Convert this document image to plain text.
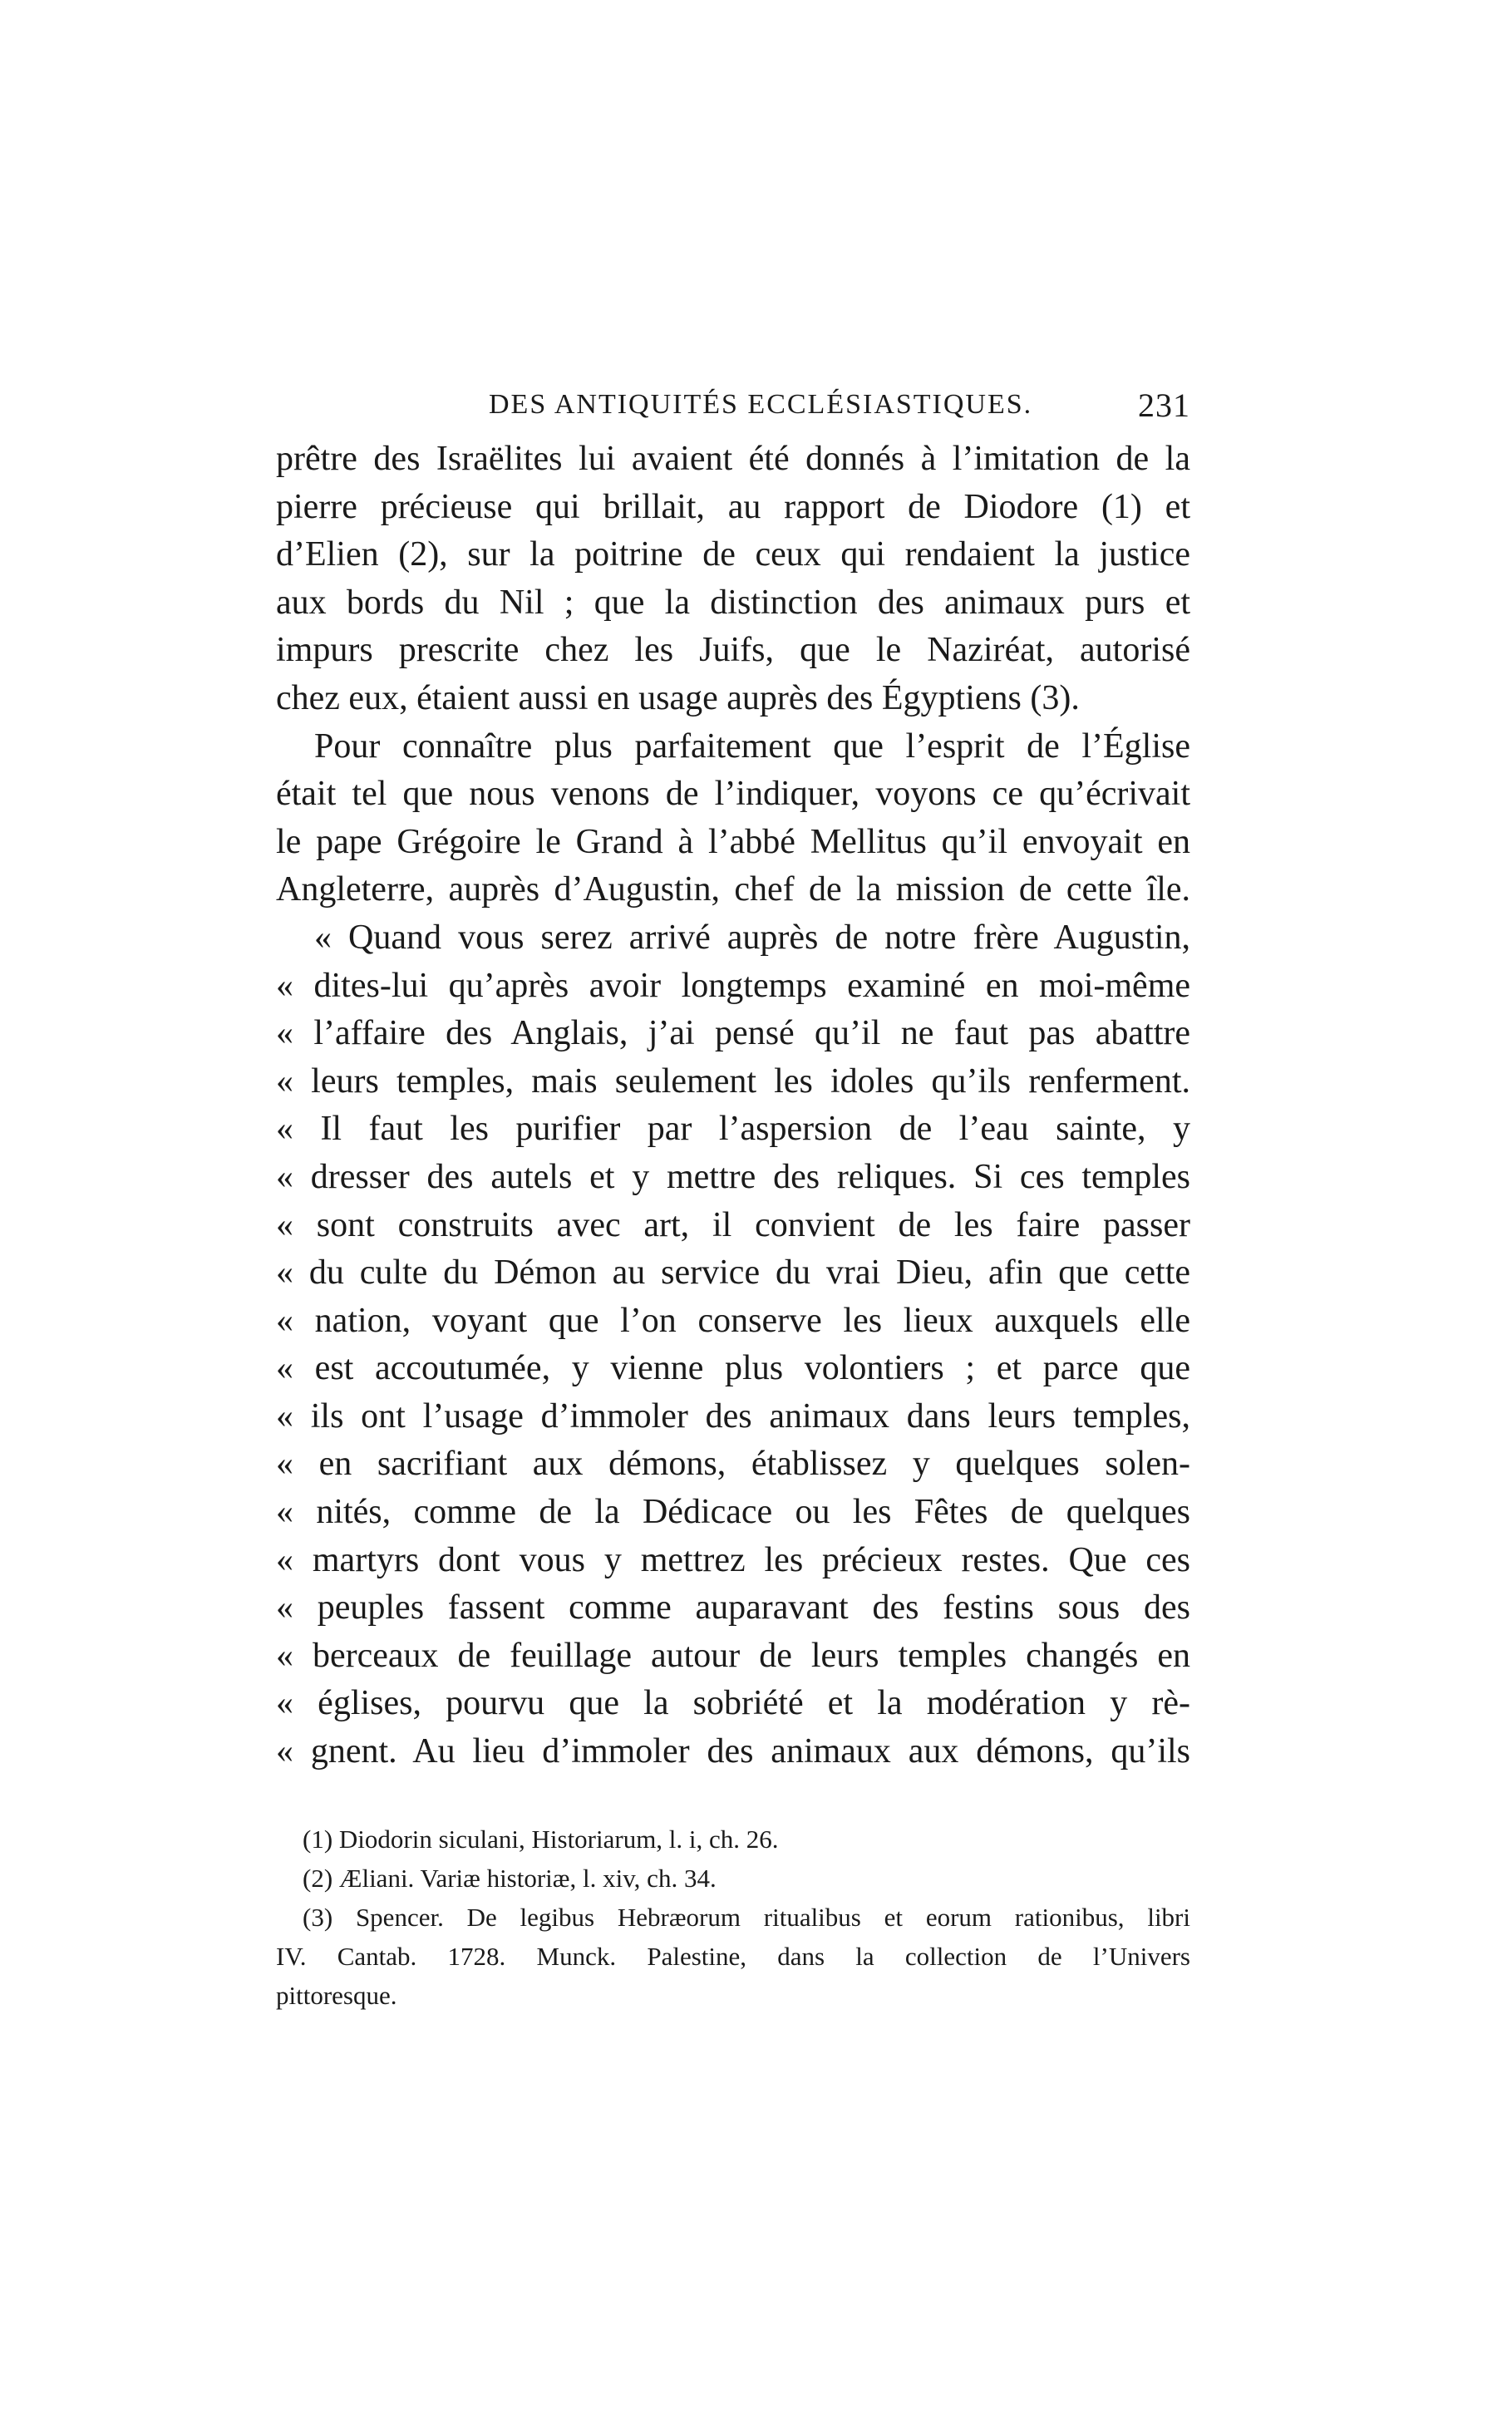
DES ANTIQUITÉS ECCLÉSIASTIQUES.	231
prêtre des Israëlites lui avaient été donnés à l’imitation de la
pierre précieuse qui brillait, au rapport de Diodore (1) et
d’Elien (2), sur la poitrine de ceux qui rendaient la justice
aux bords du Nil ; que la distinction des animaux purs et
impurs prescrite chez les Juifs, que le Naziréat, autorisé
chez eux, étaient aussi en usage auprès des Égyptiens (3).
Pour connaître plus parfaitement que l’esprit de l’Église
était tel que nous venons de l’indiquer, voyons ce qu’écrivait
le pape Grégoire le Grand à l’abbé Mellitus qu’il envoyait en
Angleterre, auprès d’Augustin, chef de la mission de cette île.
« Quand vous serez arrivé auprès de notre frère Augustin,
« dites-lui qu’après avoir longtemps examiné en moi-même
« l’affaire des Anglais, j’ai pensé qu’il ne faut pas abattre
« leurs temples, mais seulement les idoles qu’ils renferment.
« Il faut les purifier par l’aspersion de l’eau sainte, y
« dresser des autels et y mettre des reliques. Si ces temples
« sont construits avec art, il convient de les faire passer
« du culte du Démon au service du vrai Dieu, afin que cette
« nation, voyant que l’on conserve les lieux auxquels elle
« est accoutumée, y vienne plus volontiers ; et parce que
« ils ont l’usage d’immoler des animaux dans leurs temples,
« en sacrifiant aux démons, établissez y quelques solen-
« nités, comme de la Dédicace ou les Fêtes de quelques
« martyrs dont vous y mettrez les précieux restes. Que ces
« peuples fassent comme auparavant des festins sous des
« berceaux de feuillage autour de leurs temples changés en
« églises, pourvu que la sobriété et la modération y rè-
« gnent. Au lieu d’immoler des animaux aux démons, qu’ils
(1) Diodorin siculani, Historiarum, l. i, ch. 26.
(2) Æliani. Variæ historiæ, l. xiv, ch. 34.
(3) Spencer. De legibus Hebræorum ritualibus et eorum rationibus, libri
IV. Cantab. 1728. Munck. Palestine, dans la collection de l’Univers
pittoresque.
